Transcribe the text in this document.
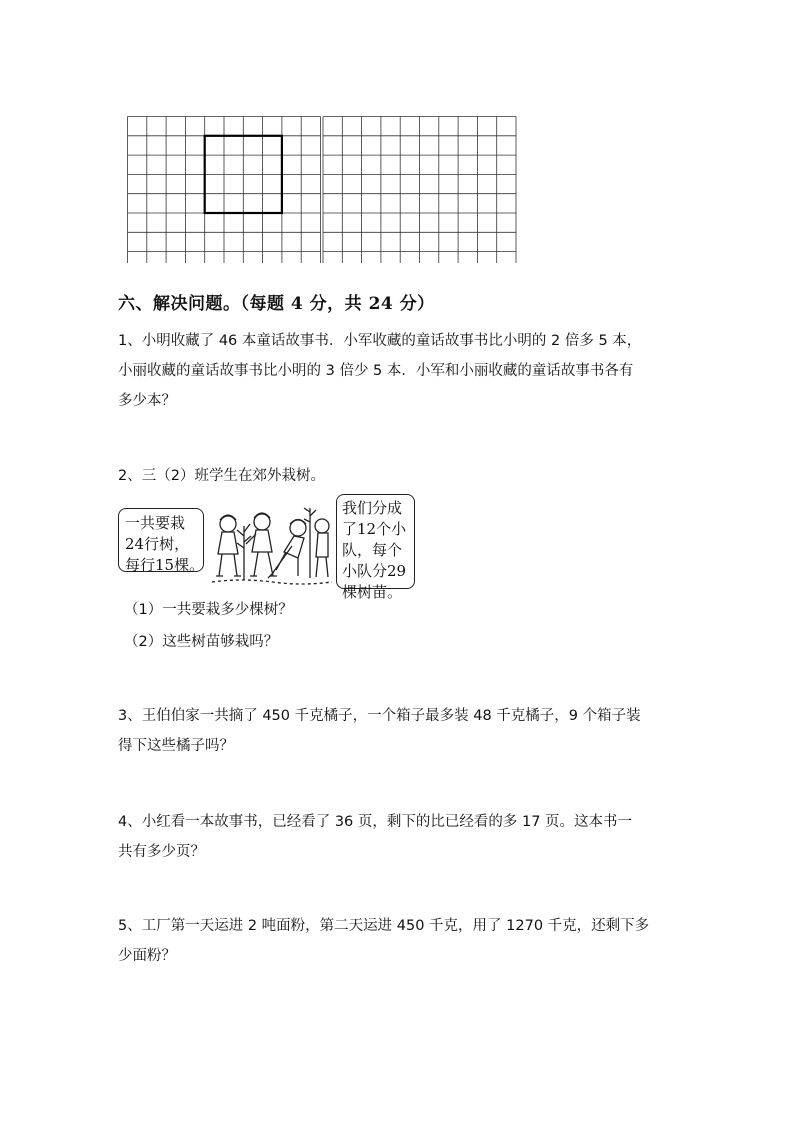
六、解决问题。（每题 4 分，共 24 分）

1、小明收藏了 46 本童话故事书．小军收藏的童话故事书比小明的 2 倍多 5 本，

小丽收藏的童话故事书比小明的 3 倍少 5 本．小军和小丽收藏的童话故事书各有

多少本？

2、三（2）班学生在郊外栽树。

一共要栽
24行树，
每行15棵。
我们分成
了12个小
队，每个
小队分29
棵树苗。
（1）一共要栽多少棵树？
（2）这些树苗够栽吗？

3、王伯伯家一共摘了 450 千克橘子，一个箱子最多装 48 千克橘子，9 个箱子装

得下这些橘子吗？

4、小红看一本故事书，已经看了 36 页，剩下的比已经看的多 17 页。这本书一

共有多少页？

5、工厂第一天运进 2 吨面粉，第二天运进 450 千克，用了 1270 千克，还剩下多

少面粉？
